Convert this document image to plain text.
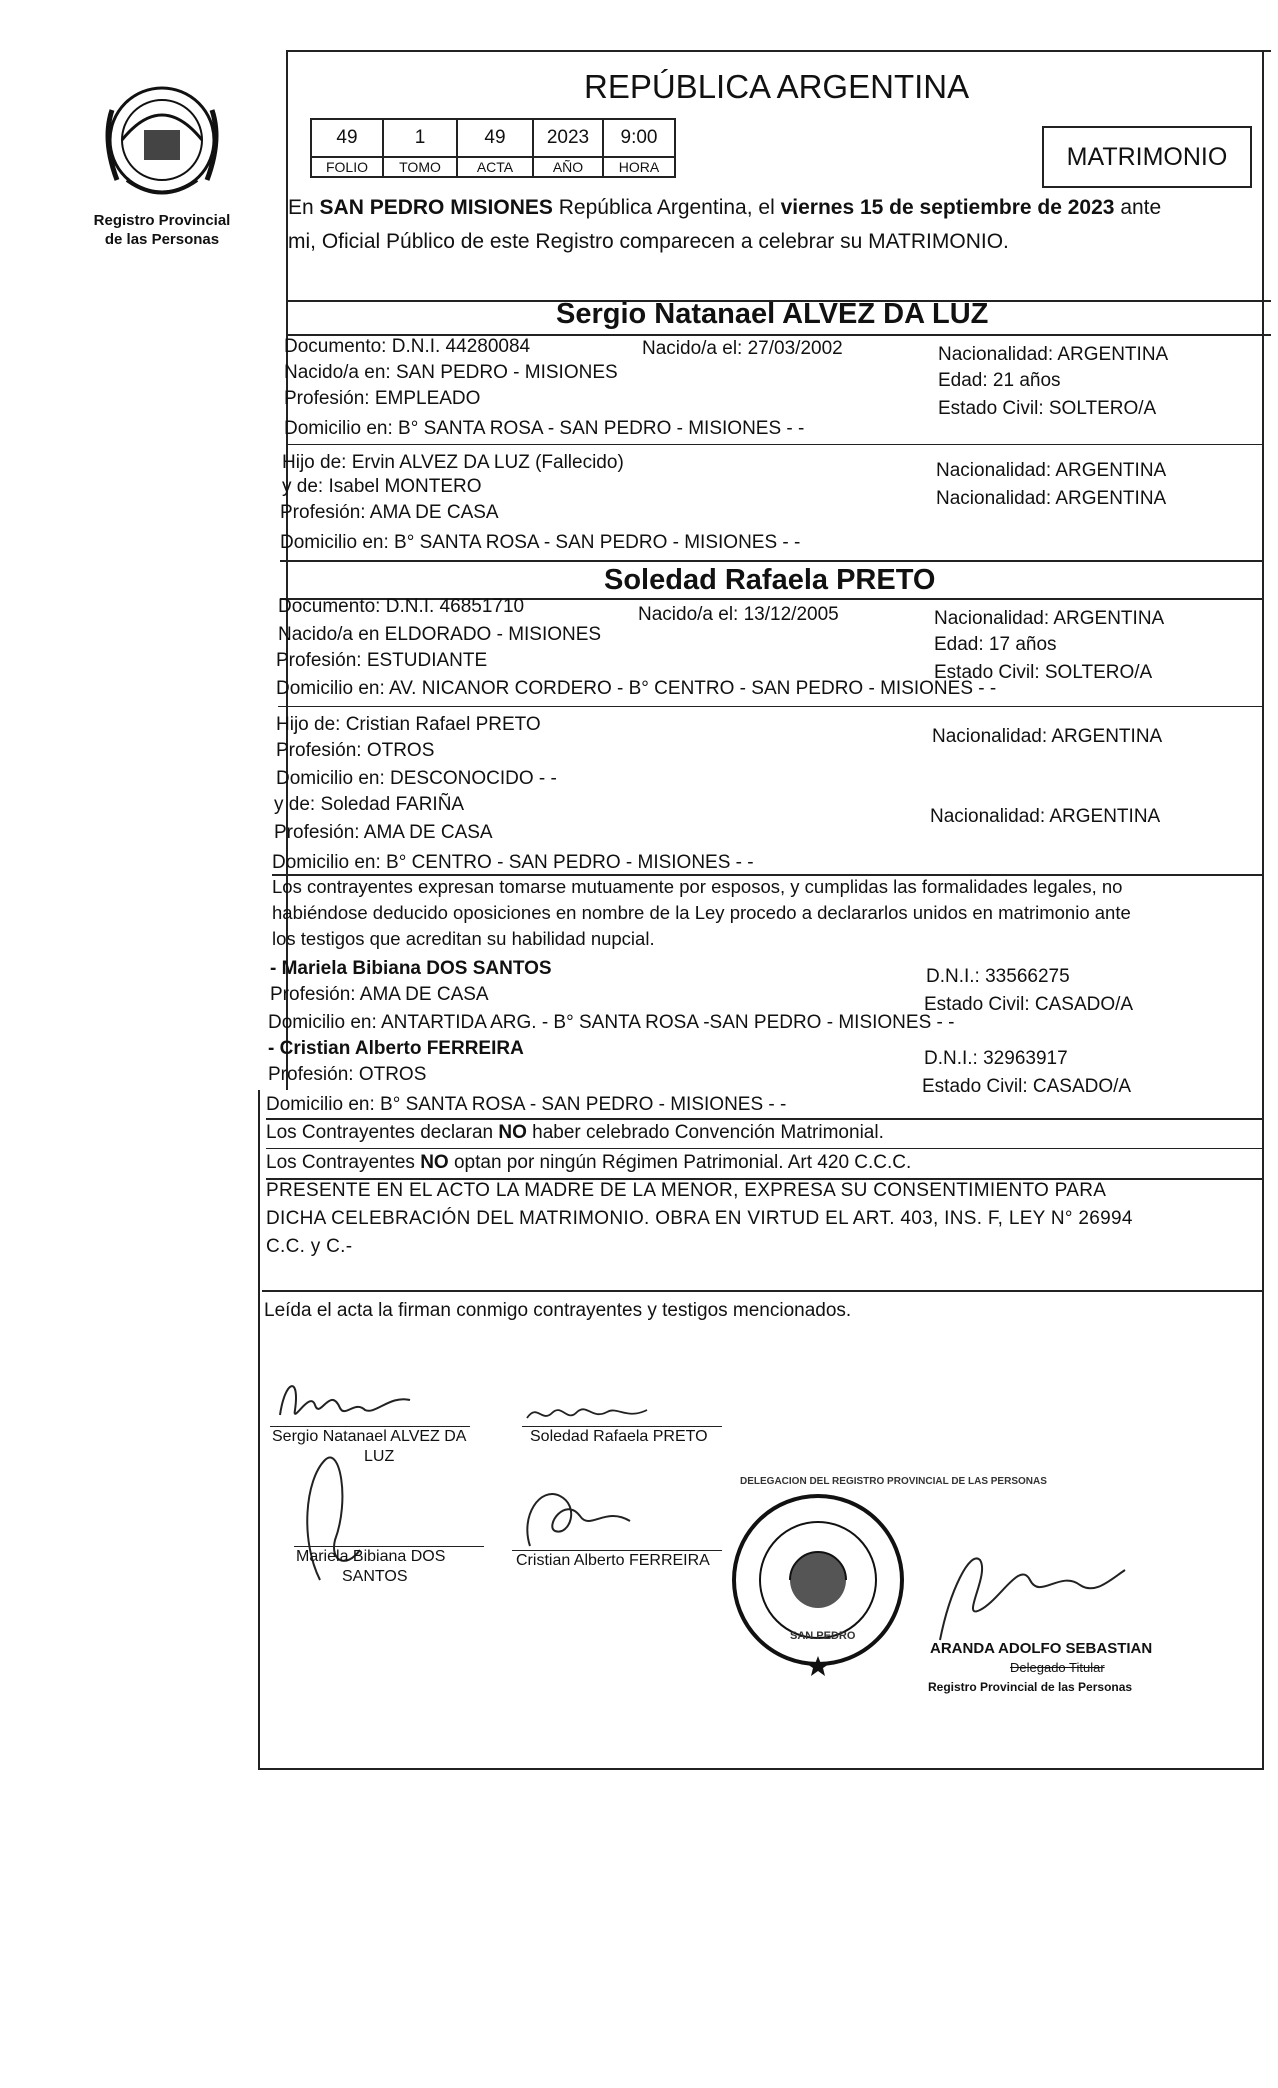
Registro Provincial
de las Personas
REPÚBLICA ARGENTINA
49
FOLIO
1
TOMO
49
ACTA
2023
AÑO
9:00
HORA	MATRIMONIO
En SAN PEDRO MISIONES República Argentina, el viernes 15 de septiembre de 2023 ante
mi, Oficial Público de este Registro comparecen a celebrar su MATRIMONIO.
Sergio Natanael ALVEZ DA LUZ
Documento: D.N.I. 44280084	Nacido/a el: 27/03/2002	Nacionalidad: ARGENTINA
Nacido/a en: SAN PEDRO - MISIONES	Edad: 21 años
Profesión: EMPLEADO	Estado Civil: SOLTERO/A
Domicilio en: B° SANTA ROSA - SAN PEDRO - MISIONES - -
Hijo de: Ervin ALVEZ DA LUZ (Fallecido)	Nacionalidad: ARGENTINA
y de: Isabel MONTERO
Nacionalidad: ARGENTINA
Profesión: AMA DE CASA
Domicilio en: B° SANTA ROSA - SAN PEDRO - MISIONES - -
Soledad Rafaela PRETO
Documento: D.N.I. 46851710	Nacido/a el: 13/12/2005	Nacionalidad: ARGENTINA
Nacido/a en ELDORADO - MISIONES	Edad: 17 años
Profesión: ESTUDIANTE
Estado Civil: SOLTERO/A
Domicilio en: AV. NICANOR CORDERO - B° CENTRO - SAN PEDRO - MISIONES - -
Hijo de: Cristian Rafael PRETO
Nacionalidad: ARGENTINA
Profesión: OTROS
Domicilio en: DESCONOCIDO - -
y de: Soledad FARIÑA
Nacionalidad: ARGENTINA
Profesión: AMA DE CASA
Domicilio en: B° CENTRO - SAN PEDRO - MISIONES - -
Los contrayentes expresan tomarse mutuamente por esposos, y cumplidas las formalidades legales, no
habiéndose deducido oposiciones en nombre de la Ley procedo a declararlos unidos en matrimonio ante
los testigos que acreditan su habilidad nupcial.
- Mariela Bibiana DOS SANTOS	D.N.I.: 33566275
Profesión: AMA DE CASA	Estado Civil: CASADO/A
Domicilio en: ANTARTIDA ARG. - B° SANTA ROSA -SAN PEDRO - MISIONES - -
- Cristian Alberto FERREIRA	D.N.I.: 32963917
Profesión: OTROS
Estado Civil: CASADO/A
Domicilio en: B° SANTA ROSA - SAN PEDRO - MISIONES - -
Los Contrayentes declaran NO haber celebrado Convención Matrimonial.
Los Contrayentes NO optan por ningún Régimen Patrimonial. Art 420 C.C.C.
PRESENTE EN EL ACTO LA MADRE DE LA MENOR, EXPRESA SU CONSENTIMIENTO PARA
DICHA CELEBRACIÓN DEL MATRIMONIO. OBRA EN VIRTUD EL ART. 403, INS. F, LEY N° 26994
C.C. y C.-
Leída el acta la firman conmigo contrayentes y testigos mencionados.
Sergio Natanael ALVEZ DA
LUZ
Soledad Rafaela PRETO
Mariela Bibiana DOS
SANTOS
Cristian Alberto FERREIRA
DELEGACION DEL REGISTRO PROVINCIAL DE LAS PERSONAS
SAN PEDRO
ARANDA ADOLFO SEBASTIAN
Delegado Titular
Registro Provincial de las Personas
